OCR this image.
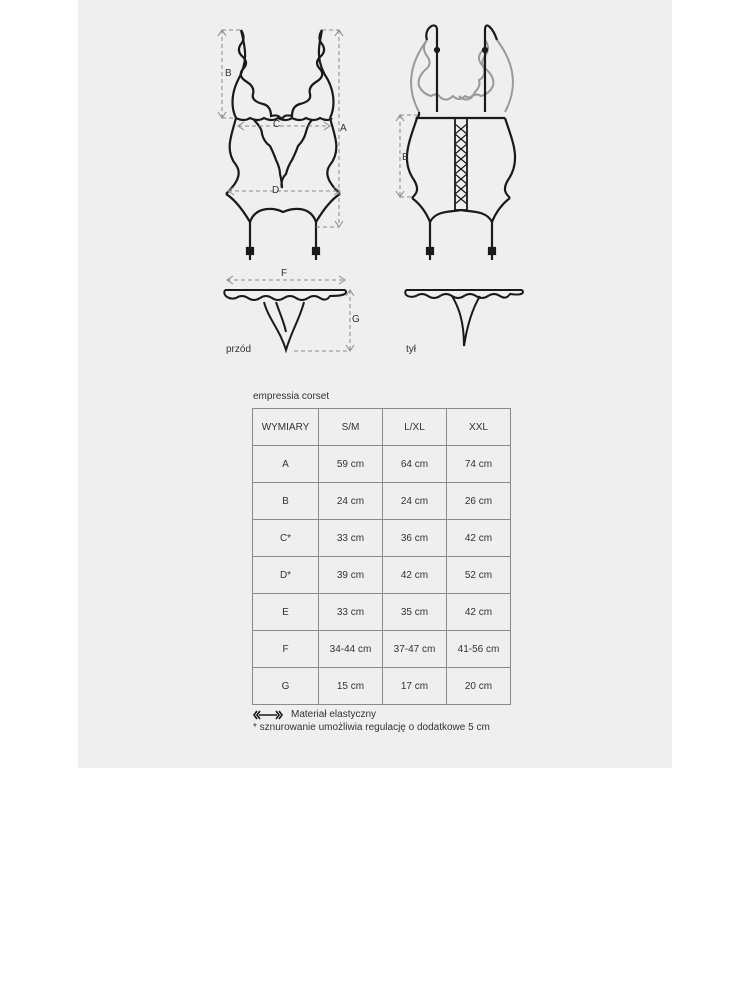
B
A
C
D
E
F
G
przód	tył
empressia corset
WYMIARY	S/M	L/XL	XXL
A	59 cm	64 cm	74 cm
B	24 cm	24 cm	26 cm
C*	33 cm	36 cm	42 cm
D*	39 cm	42 cm	52 cm
E	33 cm	35 cm	42 cm
F	34-44 cm	37-47 cm	41-56 cm
G	15 cm	17 cm	20 cm
Materiał elastyczny
* sznurowanie umożliwia regulację o dodatkowe 5 cm
